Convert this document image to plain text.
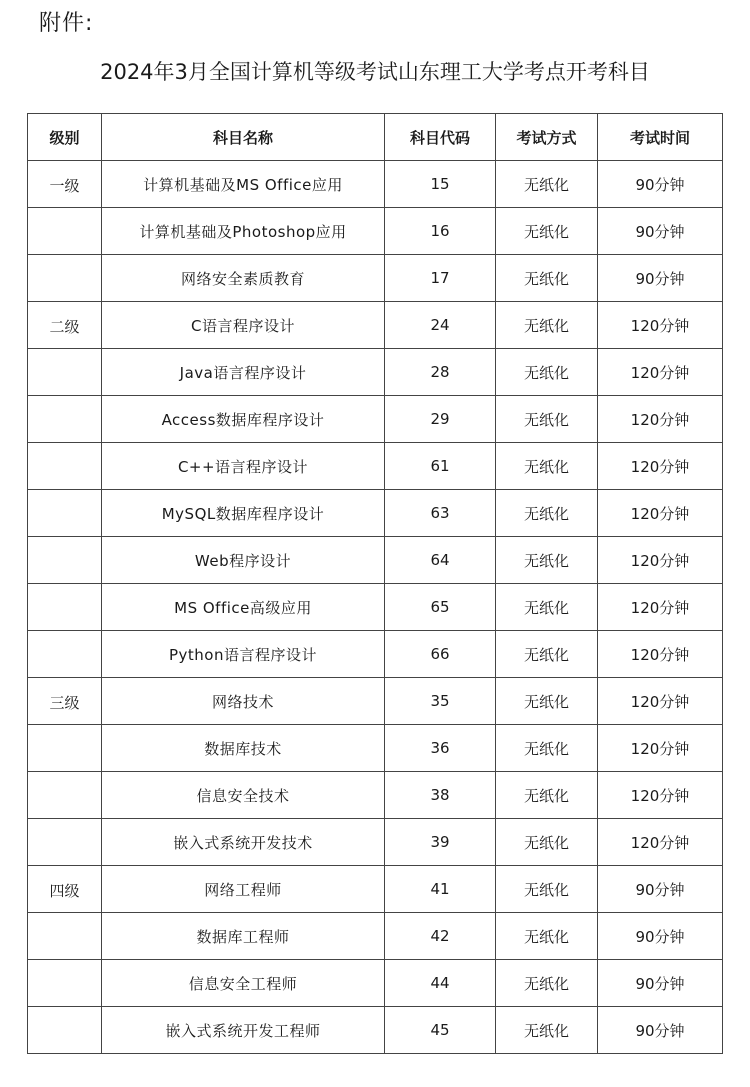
附件:
2024年3月全国计算机等级考试山东理工大学考点开考科目
级别	科目名称	科目代码	考试方式	考试时间
一级	计算机基础及MS Office应用	15	无纸化	90分钟
	计算机基础及Photoshop应用	16	无纸化	90分钟
	网络安全素质教育	17	无纸化	90分钟
二级	C语言程序设计	24	无纸化	120分钟
	Java语言程序设计	28	无纸化	120分钟
	Access数据库程序设计	29	无纸化	120分钟
	C++语言程序设计	61	无纸化	120分钟
	MySQL数据库程序设计	63	无纸化	120分钟
	Web程序设计	64	无纸化	120分钟
	MS Office高级应用	65	无纸化	120分钟
	Python语言程序设计	66	无纸化	120分钟
三级	网络技术	35	无纸化	120分钟
	数据库技术	36	无纸化	120分钟
	信息安全技术	38	无纸化	120分钟
	嵌入式系统开发技术	39	无纸化	120分钟
四级	网络工程师	41	无纸化	90分钟
	数据库工程师	42	无纸化	90分钟
	信息安全工程师	44	无纸化	90分钟
	嵌入式系统开发工程师	45	无纸化	90分钟
